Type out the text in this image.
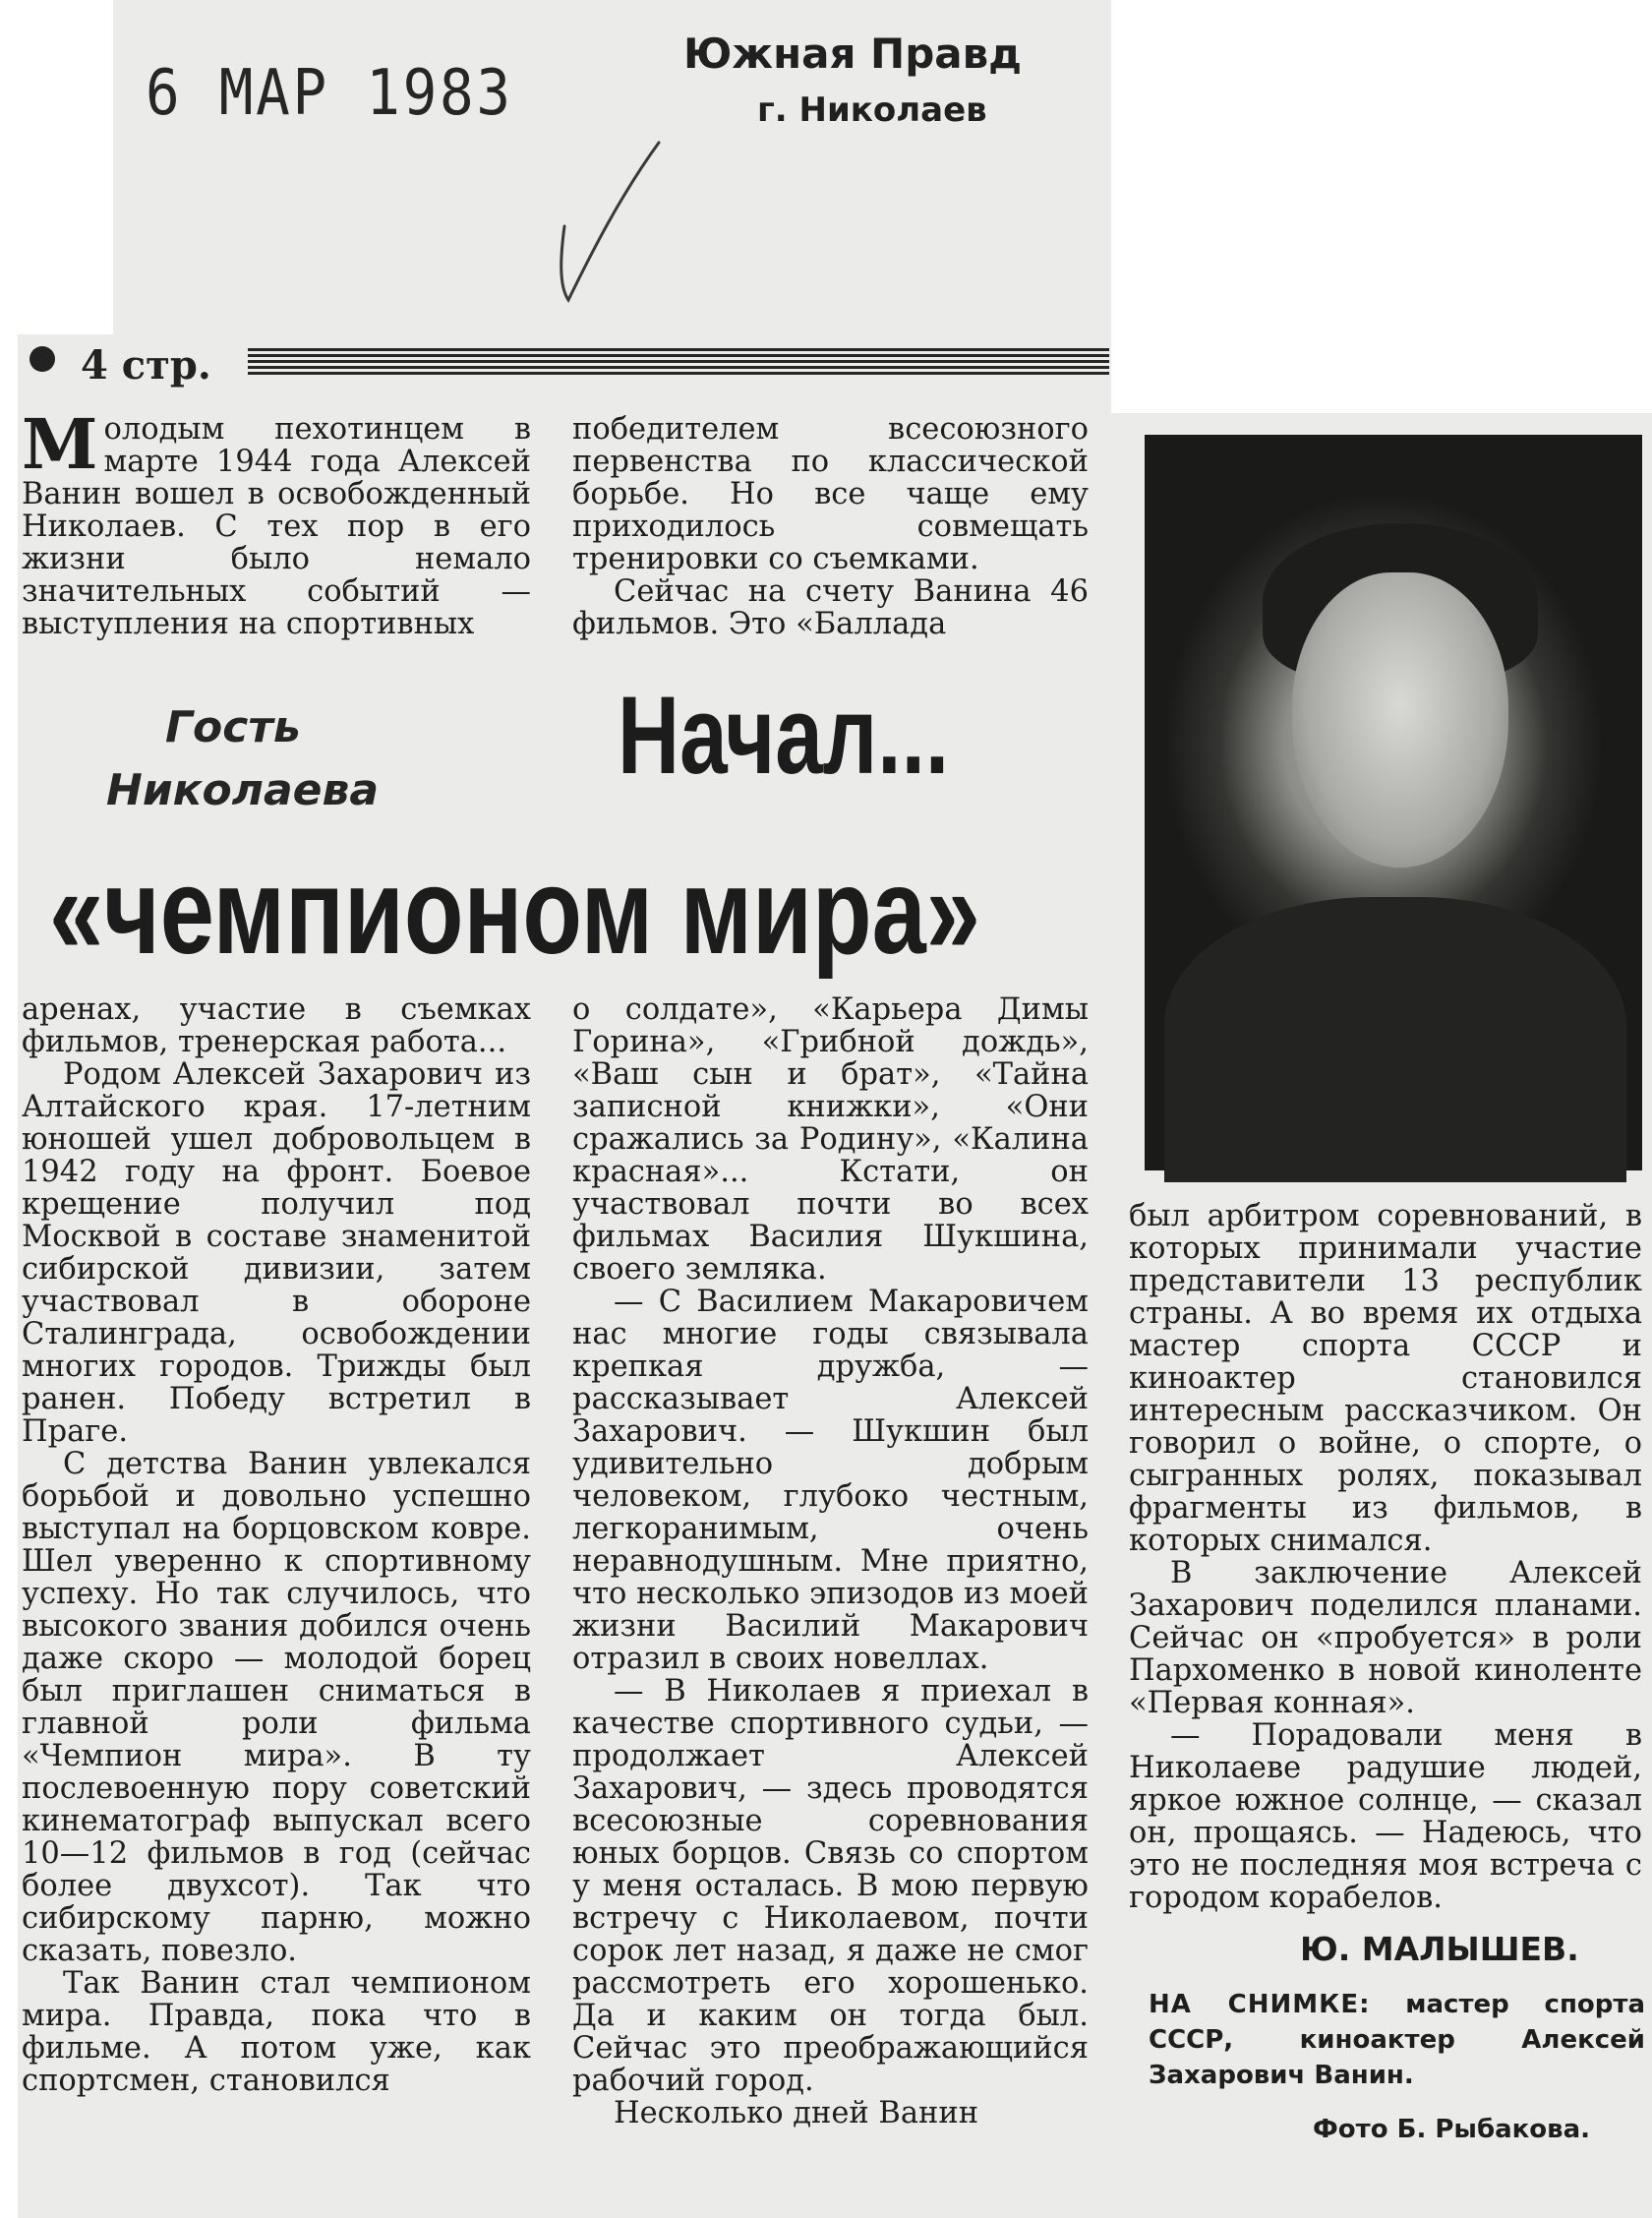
6 МАР 1983
Южная Правд
г. Николаев
4 стр.

Молодым пехотинцем в марте 1944 года Алексей Ванин вошел в освобожденный Николаев. С тех пор в его жизни было немало значительных событий — выступления на спортивных

победителем всесоюзного первенства по классической борьбе. Но все чаще ему приходилось совмещать тренировки со съемками.

Сейчас на счету Ванина 46 фильмов. Это «Баллада

Гость
Николаева	Начал...
«чемпионом мира»

аренах, участие в съемках фильмов, тренерская работа...

Родом Алексей Захарович из Алтайского края. 17-летним юношей ушел добровольцем в 1942 году на фронт. Боевое крещение получил под Москвой в составе знаменитой сибирской дивизии, затем участвовал в обороне Сталинграда, освобождении многих городов. Трижды был ранен. Победу встретил в Праге.

С детства Ванин увлекался борьбой и довольно успешно выступал на борцовском ковре. Шел уверенно к спортивному успеху. Но так случилось, что высокого звания добился очень даже скоро — молодой борец был приглашен сниматься в главной роли фильма «Чемпион мира». В ту послевоенную пору советский кинематограф выпускал всего 10—12 фильмов в год (сейчас более двухсот). Так что сибирскому парню, можно сказать, повезло.

Так Ванин стал чемпионом мира. Правда, пока что в фильме. А потом уже, как спортсмен, становился

о солдате», «Карьера Димы Горина», «Грибной дождь», «Ваш сын и брат», «Тайна записной книжки», «Они сражались за Родину», «Калина красная»... Кстати, он участвовал почти во всех фильмах Василия Шукшина, своего земляка.

— С Василием Макаровичем нас многие годы связывала крепкая дружба, — рассказывает Алексей Захарович. — Шукшин был удивительно добрым человеком, глубоко честным, легкоранимым, очень неравнодушным. Мне приятно, что несколько эпизодов из моей жизни Василий Макарович отразил в своих новеллах.

— В Николаев я приехал в качестве спортивного судьи, — продолжает Алексей Захарович, — здесь проводятся всесоюзные соревнования юных борцов. Связь со спортом у меня осталась. В мою первую встречу с Николаевом, почти сорок лет назад, я даже не смог рассмотреть его хорошенько. Да и каким он тогда был. Сейчас это преображающийся рабочий город.

Несколько дней Ванин

был арбитром соревнований, в которых принимали участие представители 13 республик страны. А во время их отдыха мастер спорта СССР и киноактер становился интересным рассказчиком. Он говорил о войне, о спорте, о сыгранных ролях, показывал фрагменты из фильмов, в которых снимался.

В заключение Алексей Захарович поделился планами. Сейчас он «пробуется» в роли Пархоменко в новой киноленте «Первая конная».

— Порадовали меня в Николаеве радушие людей, яркое южное солнце, — сказал он, прощаясь. — Надеюсь, что это не последняя моя встреча с городом корабелов.

Ю. МАЛЫШЕВ.
НА СНИМКЕ: мастер спорта СССР, киноактер Алексей Захарович Ванин.
Фото Б. Рыбакова.
